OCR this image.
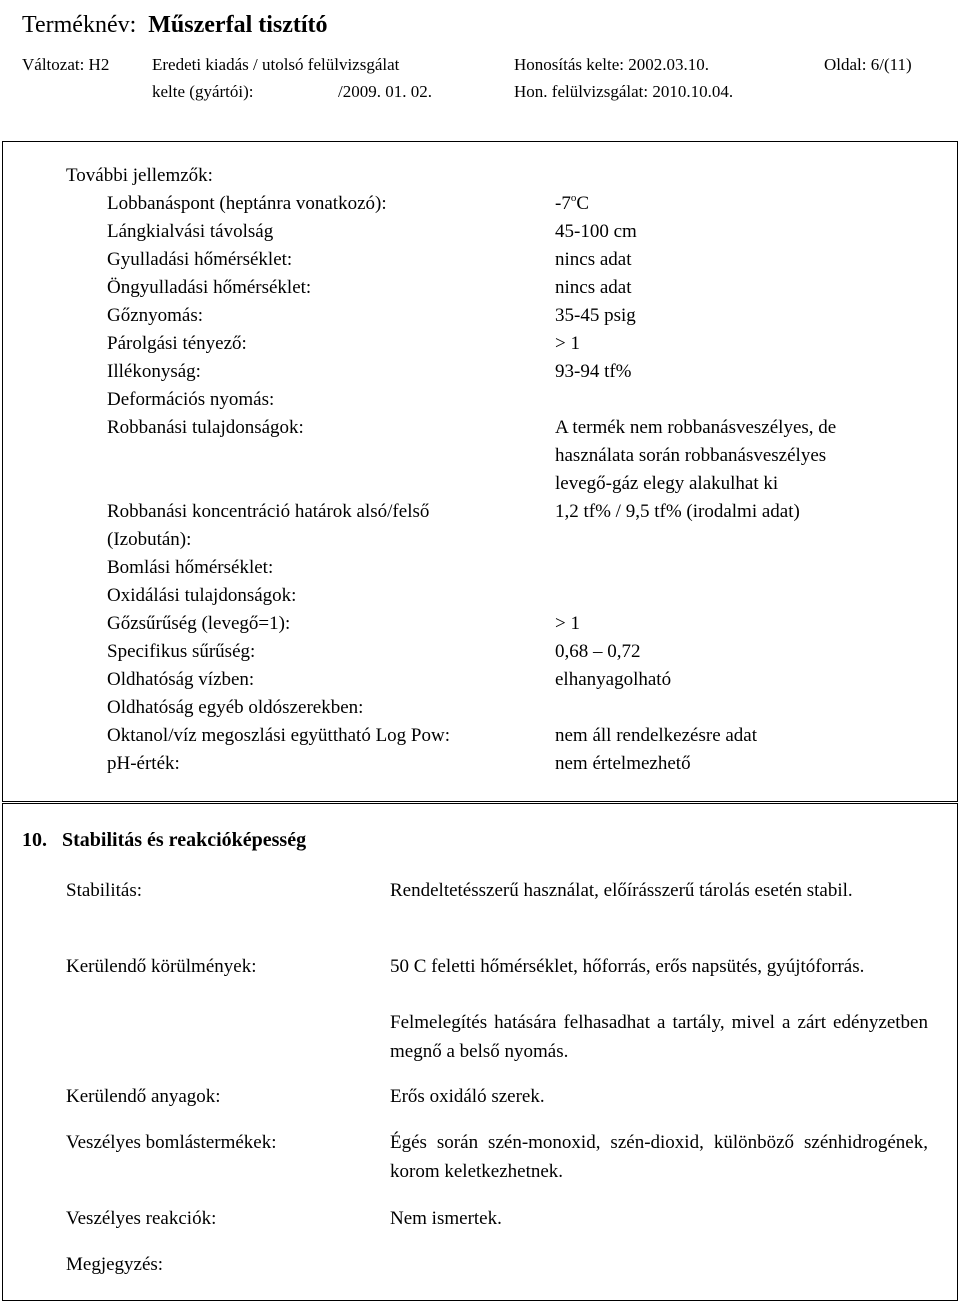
Terméknév: Műszerfal tisztító
Változat: H2	Eredeti kiadás / utolsó felülvizsgálat
kelte (gyártói):	/2009. 01. 02.
Honosítás kelte: 2002.03.10.
Hon. felülvizsgálat: 2010.10.04.
Oldal: 6/(11)
További jellemzők:
Lobbanáspont (heptánra vonatkozó):	-7$^o$C
Lángkialvási távolság	45-100 cm
Gyulladási hőmérséklet:	nincs adat
Öngyulladási hőmérséklet:	nincs adat
Gőznyomás:	35-45 psig
Párolgási tényező:	> 1
Illékonyság:	93-94 tf%
Deformációs nyomás:
Robbanási tulajdonságok:	A termék nem robbanásveszélyes, de
használata során robbanásveszélyes
levegő-gáz elegy alakulhat ki
Robbanási koncentráció határok alsó/felső	1,2 tf% / 9,5 tf% (irodalmi adat)
(Izobután):
Bomlási hőmérséklet:
Oxidálási tulajdonságok:
Gőzsűrűség (levegő=1):	> 1
Specifikus sűrűség:	0,68 – 0,72
Oldhatóság vízben:	elhanyagolható
Oldhatóság egyéb oldószerekben:
Oktanol/víz megoszlási együttható Log Pow:	nem áll rendelkezésre adat
pH-érték:	nem értelmezhető
10. Stabilitás és reakcióképesség
Stabilitás:	Rendeltetésszerű használat, előírásszerű tárolás esetén stabil.
Kerülendő körülmények:	50 C feletti hőmérséklet, hőforrás, erős napsütés, gyújtóforrás.
Felmelegítés hatására felhasadhat a tartály, mivel a zárt edényzetben megnő a belső nyomás.
Kerülendő anyagok:	Erős oxidáló szerek.
Veszélyes bomlástermékek:	Égés során szén-monoxid, szén-dioxid, különböző szénhidrogének, korom keletkezhetnek.
Veszélyes reakciók:	Nem ismertek.
Megjegyzés:
